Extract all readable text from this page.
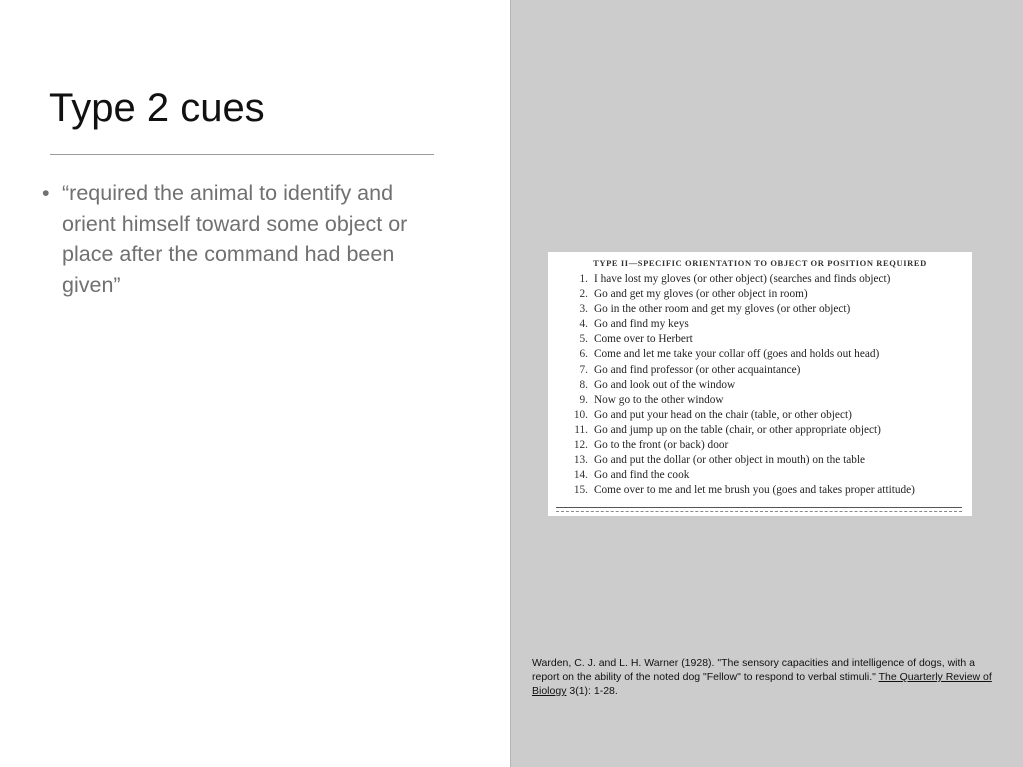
Type 2 cues
• “required the animal to identify and orient himself toward some object or place after the command had been given”
TYPE II—SPECIFIC ORIENTATION TO OBJECT OR POSITION REQUIRED
1. I have lost my gloves (or other object) (searches and finds object)
2. Go and get my gloves (or other object in room)
3. Go in the other room and get my gloves (or other object)
4. Go and find my keys
5. Come over to Herbert
6. Come and let me take your collar off (goes and holds out head)
7. Go and find professor (or other acquaintance)
8. Go and look out of the window
9. Now go to the other window
10. Go and put your head on the chair (table, or other object)
11. Go and jump up on the table (chair, or other appropriate object)
12. Go to the front (or back) door
13. Go and put the dollar (or other object in mouth) on the table
14. Go and find the cook
15. Come over to me and let me brush you (goes and takes proper attitude)
Warden, C. J. and L. H. Warner (1928). "The sensory capacities and intelligence of dogs, with a report on the ability of the noted dog "Fellow" to respond to verbal stimuli." The Quarterly Review of Biology 3(1): 1-28.
